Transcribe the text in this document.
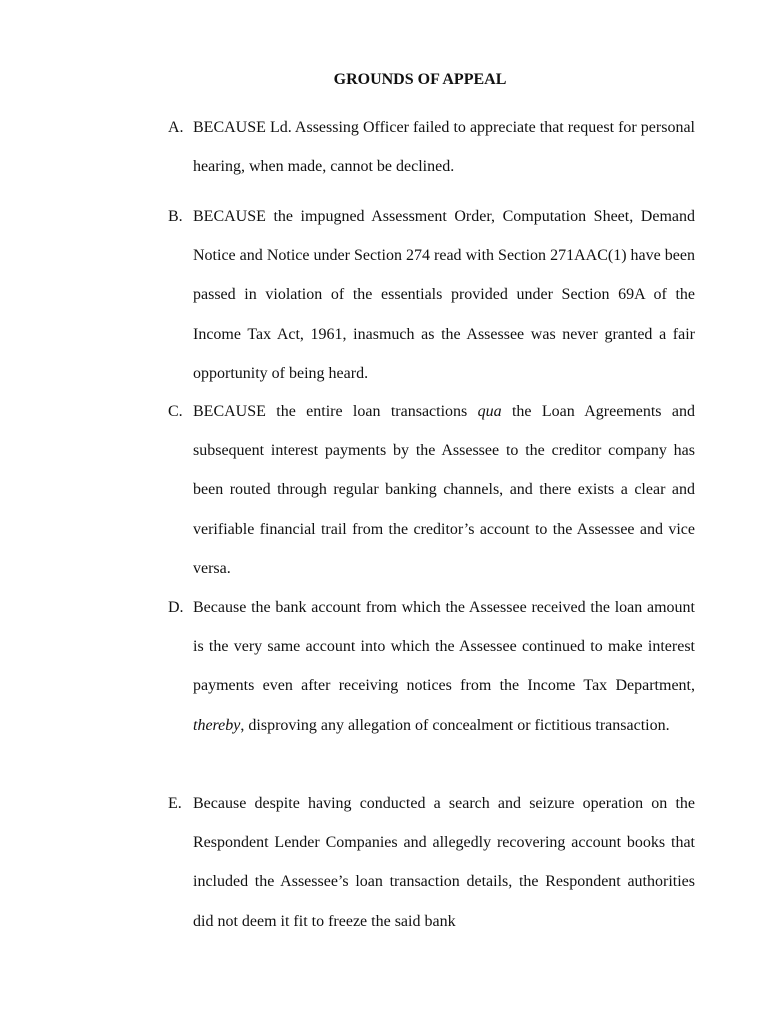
GROUNDS OF APPEAL
A. BECAUSE Ld. Assessing Officer failed to appreciate that request for personal hearing, when made, cannot be declined.
B. BECAUSE the impugned Assessment Order, Computation Sheet, Demand Notice and Notice under Section 274 read with Section 271AAC(1) have been passed in violation of the essentials provided under Section 69A of the Income Tax Act, 1961, inasmuch as the Assessee was never granted a fair opportunity of being heard.
C. BECAUSE the entire loan transactions qua the Loan Agreements and subsequent interest payments by the Assessee to the creditor company has been routed through regular banking channels, and there exists a clear and verifiable financial trail from the creditor’s account to the Assessee and vice versa.
D. Because the bank account from which the Assessee received the loan amount is the very same account into which the Assessee continued to make interest payments even after receiving notices from the Income Tax Department, thereby, disproving any allegation of concealment or fictitious transaction.
E. Because despite having conducted a search and seizure operation on the Respondent Lender Companies and allegedly recovering account books that included the Assessee’s loan transaction details, the Respondent authorities did not deem it fit to freeze the said bank
